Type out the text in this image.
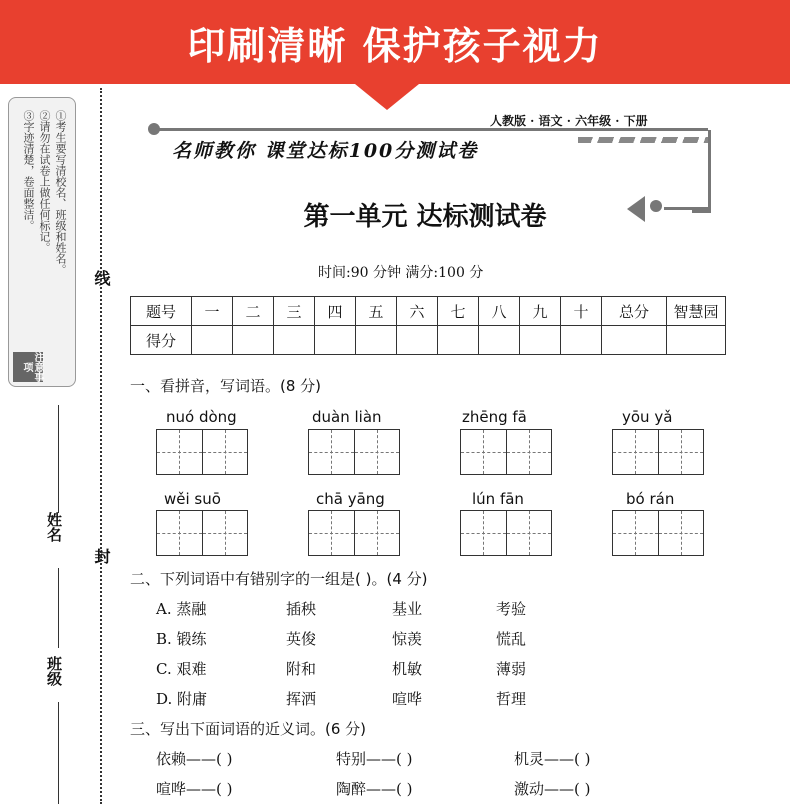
印刷清晰 保护孩子视力
①考生要写清校名、班级和姓名。
②请勿在试卷上做任何标记。
③字迹清楚，卷面整洁。
注意事项
线
封
姓名
班级
人教版 · 语文 · 六年级 · 下册
名师教你 课堂达标100分测试卷
第一单元 达标测试卷
时间:90 分钟 满分:100 分
题号	一	二	三	四	五	六	七	八	九	十	总分	智慧园
得分												
一、看拼音，写词语。(8 分)
nuó dòng	duàn liàn	zhēng fā	yōu yǎ
wěi suō	chā yāng	lún fān	bó rán
二、下列词语中有错别字的一组是( )。(4 分)
A. 蒸融	插秧	基业	考验
B. 锻练	英俊	惊羡	慌乱
C. 艰难	附和	机敏	薄弱
D. 附庸	挥洒	喧哗	哲理
三、写出下面词语的近义词。(6 分)
依赖——( )	特别——( )	机灵——( )
喧哗——( )	陶醉——( )	激动——( )
